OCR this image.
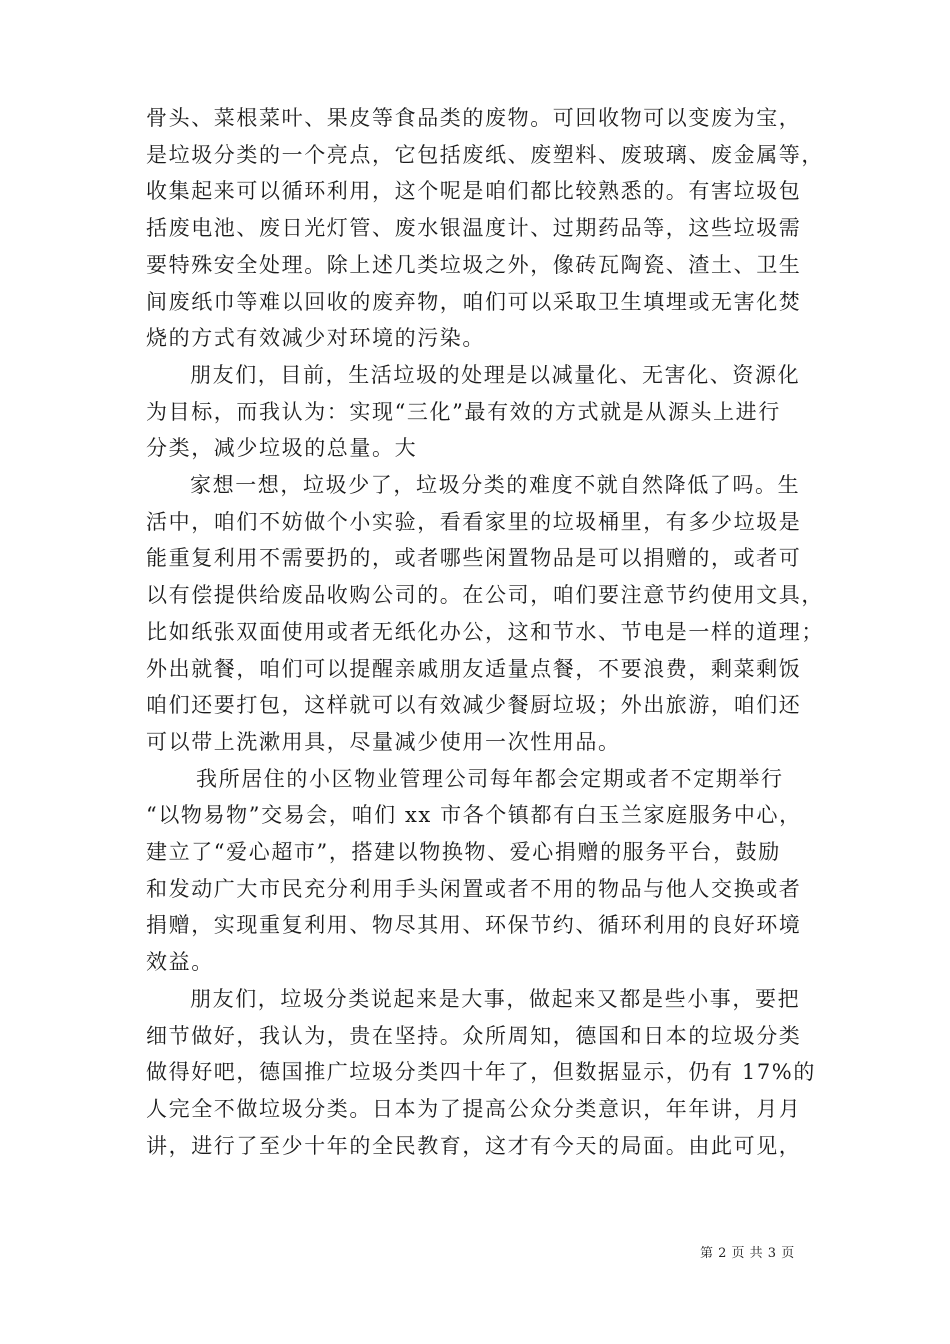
骨头、菜根菜叶、果皮等食品类的废物。可回收物可以变废为宝，
是垃圾分类的一个亮点，它包括废纸、废塑料、废玻璃、废金属等，
收集起来可以循环利用，这个呢是咱们都比较熟悉的。有害垃圾包
括废电池、废日光灯管、废水银温度计、过期药品等，这些垃圾需
要特殊安全处理。除上述几类垃圾之外，像砖瓦陶瓷、渣土、卫生
间废纸巾等难以回收的废弃物，咱们可以采取卫生填埋或无害化焚
烧的方式有效减少对环境的污染。

朋友们，目前，生活垃圾的处理是以减量化、无害化、资源化
为目标，而我认为：实现“三化”最有效的方式就是从源头上进行
分类，减少垃圾的总量。大

家想一想，垃圾少了，垃圾分类的难度不就自然降低了吗。生
活中，咱们不妨做个小实验，看看家里的垃圾桶里，有多少垃圾是
能重复利用不需要扔的，或者哪些闲置物品是可以捐赠的，或者可
以有偿提供给废品收购公司的。在公司，咱们要注意节约使用文具，
比如纸张双面使用或者无纸化办公，这和节水、节电是一样的道理；
外出就餐，咱们可以提醒亲戚朋友适量点餐，不要浪费，剩菜剩饭
咱们还要打包，这样就可以有效减少餐厨垃圾；外出旅游，咱们还
可以带上洗漱用具，尽量减少使用一次性用品。

我所居住的小区物业管理公司每年都会定期或者不定期举行
“以物易物”交易会，咱们 xx 市各个镇都有白玉兰家庭服务中心，
建立了“爱心超市”，搭建以物换物、爱心捐赠的服务平台，鼓励
和发动广大市民充分利用手头闲置或者不用的物品与他人交换或者
捐赠，实现重复利用、物尽其用、环保节约、循环利用的良好环境
效益。

朋友们，垃圾分类说起来是大事，做起来又都是些小事，要把
细节做好，我认为，贵在坚持。众所周知，德国和日本的垃圾分类
做得好吧，德国推广垃圾分类四十年了，但数据显示，仍有 17%的
人完全不做垃圾分类。日本为了提高公众分类意识，年年讲，月月
讲，进行了至少十年的全民教育，这才有今天的局面。由此可见，

第 2 页 共 3 页
